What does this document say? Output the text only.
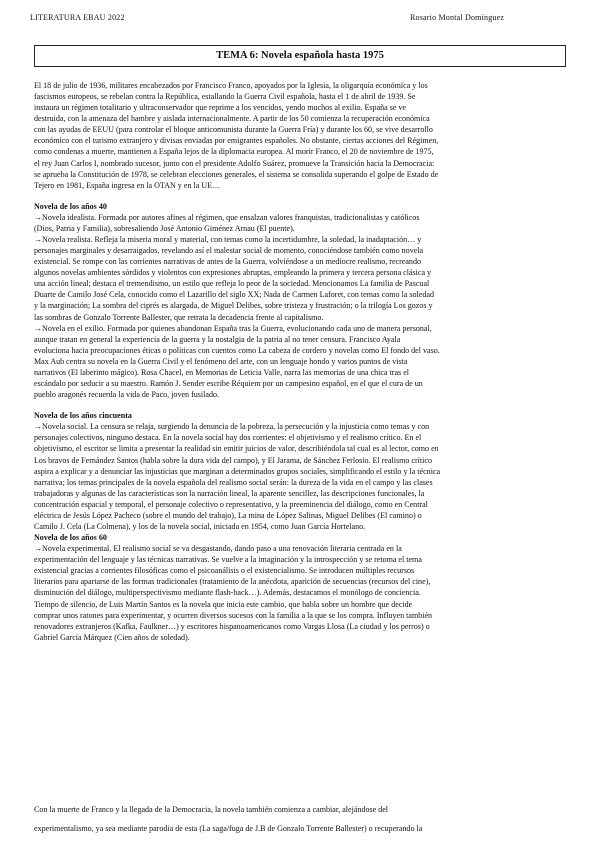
LITERATURA EBAU 2022	Rosario Montal Domínguez
TEMA 6: Novela española hasta 1975

El 18 de julio de 1936, militares encabezados por Francisco Franco, apoyados por la Iglesia, la oligarquía económica y los

fascismos europeos, se rebelan contra la República, estallando la Guerra Civil española, hasta el 1 de abril de 1939. Se

instaura un régimen totalitario y ultraconservador que reprime a los vencidos, yendo muchos al exilio. España se ve

destruida, con la amenaza del hambre y aislada internacionalmente. A partir de los 50 comienza la recuperación económica

con las ayudas de EEUU (para controlar el bloque anticomunista durante la Guerra Fría) y durante los 60, se vive desarrollo

económico con el turismo extranjero y divisas enviadas por emigrantes españoles. No obstante, ciertas acciones del Régimen,

como condenas a muerte, mantienen a España lejos de la diplomacia europea. Al morir Franco, el 20 de noviembre de 1975,

el rey Juan Carlos I, nombrado sucesor, junto con el presidente Adolfo Suárez, promueve la Transición hacia la Democracia:

se aprueba la Constitución de 1978, se celebran elecciones generales, el sistema se consolida superando el golpe de Estado de

Tejero en 1981, España ingresa en la OTAN y en la UE…

Novela de los años 40

→Novela idealista. Formada por autores afines al régimen, que ensalzan valores franquistas, tradicionalistas y católicos

(Dios, Patria y Familia), sobresaliendo José Antonio Giménez Arnau (El puente).

→Novela realista. Refleja la miseria moral y material, con temas como la incertidumbre, la soledad, la inadaptación… y

personajes marginales y desarraigados, revelando así el malestar social de momento, conociéndose también como novela

existencial. Se rompe con las corrientes narrativas de antes de la Guerra, volviéndose a un mediocre realismo, recreando

algunos novelas ambientes sórdidos y violentos con expresiones abruptas, empleando la primera y tercera persona clásica y

una acción lineal; destaca el tremendismo, un estilo que refleja lo peor de la sociedad. Mencionamos La familia de Pascual

Duarte de Camilo José Cela, conocido como el Lazarillo del siglo XX; Nada de Carmen Laforet, con temas como la soledad

y la marginación; La sombra del ciprés es alargada, de Miguel Delibes, sobre tristeza y frustración; o la trilogía Los gozos y

las sombras de Gonzalo Torrente Ballester, que retrata la decadencia frente al capitalismo.

→Novela en el exilio. Formada por quienes abandonan España tras la Guerra, evolucionando cada uno de manera personal,

aunque tratan en general la experiencia de la guerra y la nostalgia de la patria al no tener censura. Francisco Ayala

evoluciona hacia preocupaciones éticas o políticas con cuentos como La cabeza de cordero y novelas como El fondo del vaso.

Max Aub centra su novela en la Guerra Civil y el fenómeno del arte, con un lenguaje hondo y varios puntos de vista

narrativos (El laberinto mágico). Rosa Chacel, en Memorias de Leticia Valle, narra las memorias de una chica tras el

escándalo por seducir a su maestro. Ramón J. Sender escribe Réquiem por un campesino español, en el que el cura de un

pueblo aragonés recuerda la vida de Paco, joven fusilado.

Novela de los años cincuenta

→Novela social. La censura se relaja, surgiendo la denuncia de la pobreza, la persecución y la injusticia como temas y con

personajes colectivos, ninguno destaca. En la novela social hay dos corrientes: el objetivismo y el realismo crítico. En el

objetivismo, el escritor se limita a presentar la realidad sin emitir juicios de valor, describiéndola tal cual es al lector, como en

Los bravos de Fernández Santos (habla sobre la dura vida del campo), y El Jarama, de Sánchez Ferlosio. El realismo crítico

aspira a explicar y a denunciar las injusticias que marginan a determinados grupos sociales, simplificando el estilo y la técnica

narrativa; los temas principales de la novela española del realismo social serán: la dureza de la vida en el campo y las clases

trabajadoras y algunas de las características son la narración lineal, la aparente sencillez, las descripciones funcionales, la

concentración espacial y temporal, el personaje colectivo o representativo, y la preeminencia del diálogo, como en Central

eléctrica de Jesús López Pacheco (sobre el mundo del trabajo), La mina de López Salinas, Miguel Delibes (El camino) o

Camilo J. Cela (La Colmena), y los de la novela social, iniciada en 1954, como Juan García Hortelano.

Novela de los años 60

→Novela experimental. El realismo social se va desgastando, dando paso a una renovación literaria centrada en la

experimentación del lenguaje y las técnicas narrativas. Se vuelve a la imaginación y la introspección y se retoma el tema

existencial gracias a corrientes filosóficas como el psicoanálisis o el existencialismo. Se introducen múltiples recursos

literarios para apartarse de las formas tradicionales (tratamiento de la anécdota, aparición de secuencias (recursos del cine),

disminución del diálogo, multiperspectivismo mediante flash-back…). Además, destacamos el monólogo de conciencia.

Tiempo de silencio, de Luis Martín Santos es la novela que inicia este cambio, que habla sobre un hombre que decide

comprar unos ratones para experimentar, y ocurren diversos sucesos con la familia a la que se los compra. Influyen también

renovadores extranjeros (Kafka, Faulkner…) y escritores hispanoamericanos como Vargas Llosa (La ciudad y los perros) o

Gabriel García Márquez (Cien años de soledad).

Con la muerte de Franco y la llegada de la Democracia, la novela también comienza a cambiar, alejándose del

experimentalismo, ya sea mediante parodia de esta (La saga/fuga de J.B de Gonzalo Torrente Ballester) o recuperando la
